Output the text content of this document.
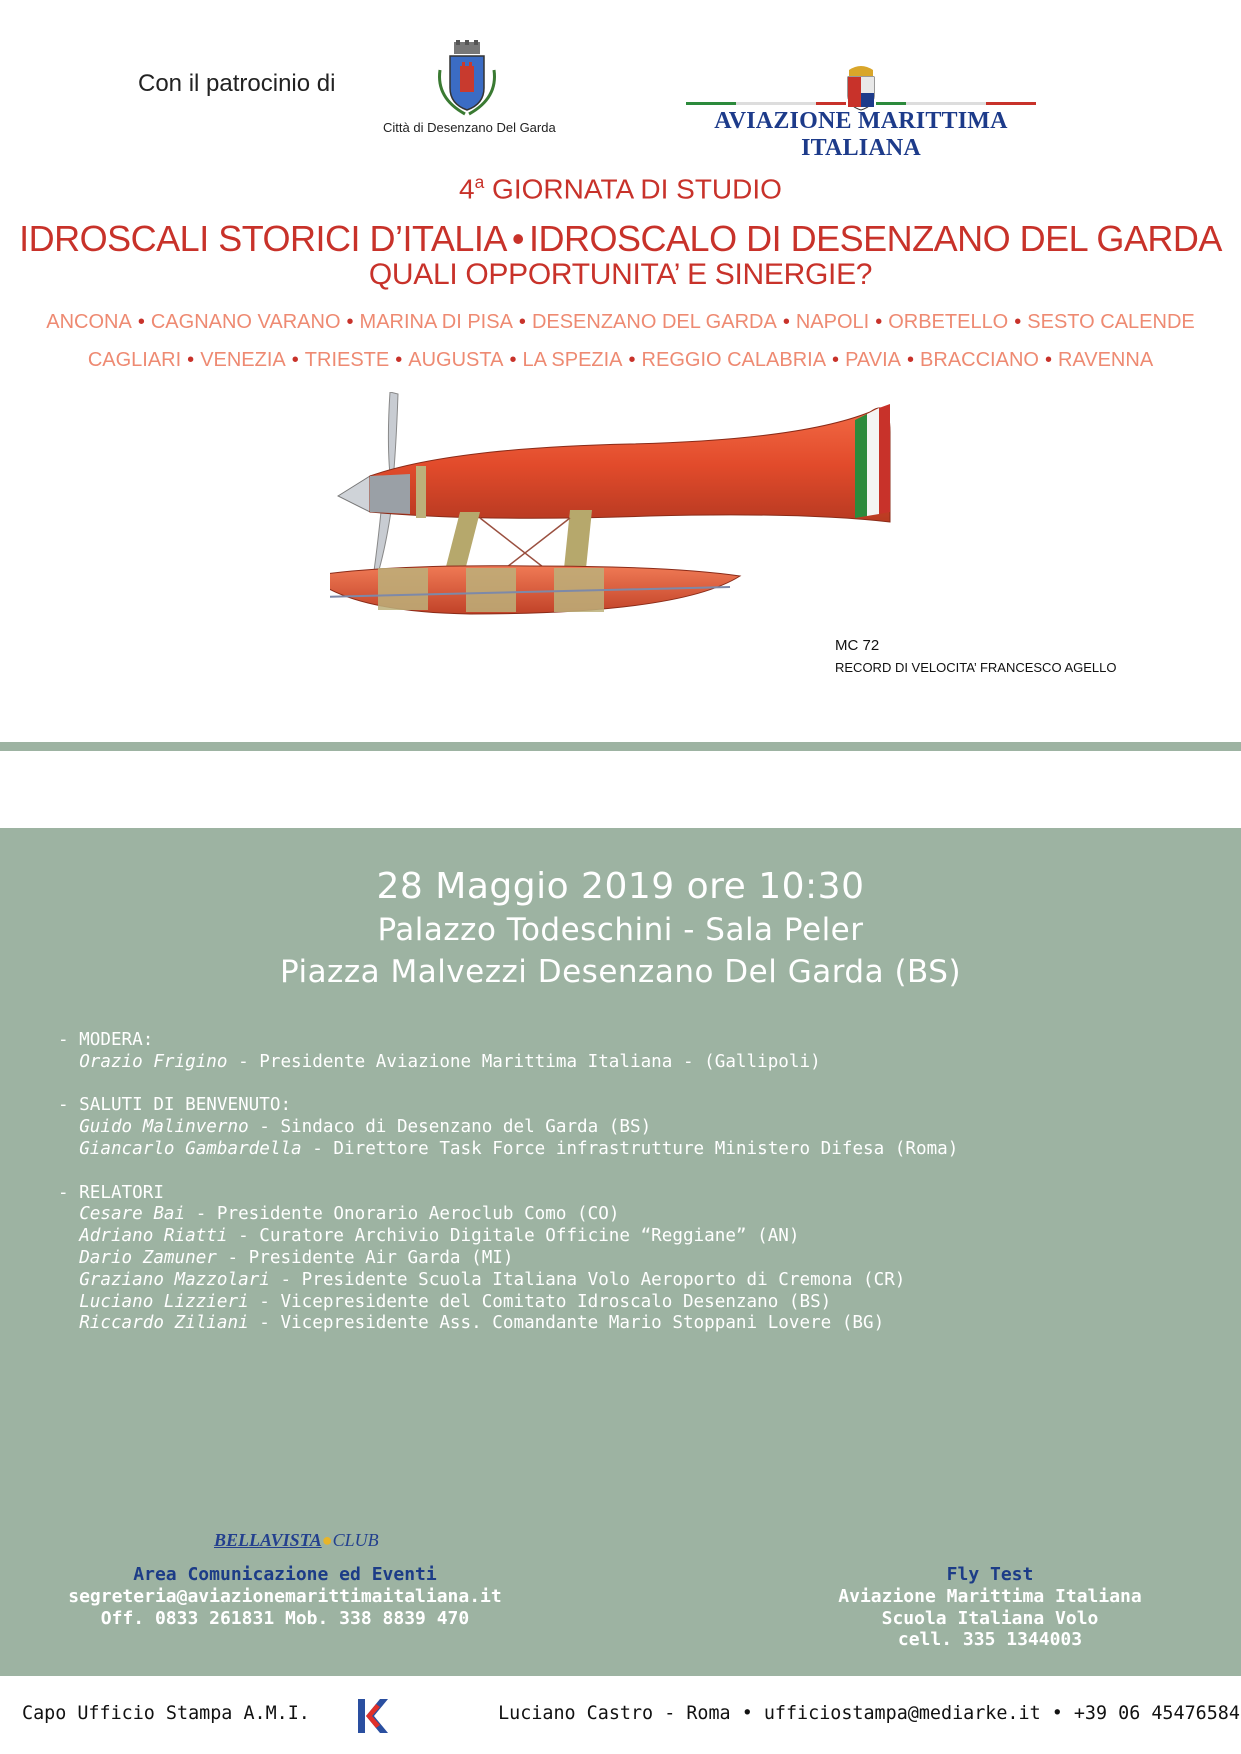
Con il patrocinio di
Città di Desenzano Del Garda	AVIAZIONE MARITTIMA ITALIANA
4$^a$ GIORNATA DI STUDIO
IDROSCALI STORICI D’ITALIA • IDROSCALO DI DESENZANO DEL GARDA
QUALI OPPORTUNITA’ E SINERGIE?
ANCONA • CAGNANO VARANO • MARINA DI PISA • DESENZANO DEL GARDA • NAPOLI • ORBETELLO • SESTO CALENDE
CAGLIARI • VENEZIA • TRIESTE • AUGUSTA • LA SPEZIA • REGGIO CALABRIA • PAVIA • BRACCIANO • RAVENNA
MC 72
RECORD DI VELOCITA’ FRANCESCO AGELLO
28 Maggio 2019 ore 10:30
Palazzo Todeschini - Sala Peler
Piazza Malvezzi Desenzano Del Garda (BS)
- MODERA:
Orazio Frigino - Presidente Aviazione Marittima Italiana - (Gallipoli)

- SALUTI DI BENVENUTO:
Guido Malinverno - Sindaco di Desenzano del Garda (BS)
Giancarlo Gambardella - Direttore Task Force infrastrutture Ministero Difesa (Roma)

- RELATORI
Cesare Bai - Presidente Onorario Aeroclub Como (CO)
Adriano Riatti - Curatore Archivio Digitale Officine “Reggiane” (AN)
Dario Zamuner - Presidente Air Garda (MI)
Graziano Mazzolari - Presidente Scuola Italiana Volo Aeroporto di Cremona (CR)
Luciano Lizzieri - Vicepresidente del Comitato Idroscalo Desenzano (BS)
Riccardo Ziliani - Vicepresidente Ass. Comandante Mario Stoppani Lovere (BG)
BELLAVISTA●CLUB
Area Comunicazione ed Eventi
segreteria@aviazionemarittimaitaliana.it
Off. 0833 261831 Mob. 338 8839 470
Fly Test
Aviazione Marittima Italiana
Scuola Italiana Volo
cell. 335 1344003
Capo Ufficio Stampa A.M.I.	Luciano Castro - Roma • ufficiostampa@mediarke.it • +39 06 45476584
